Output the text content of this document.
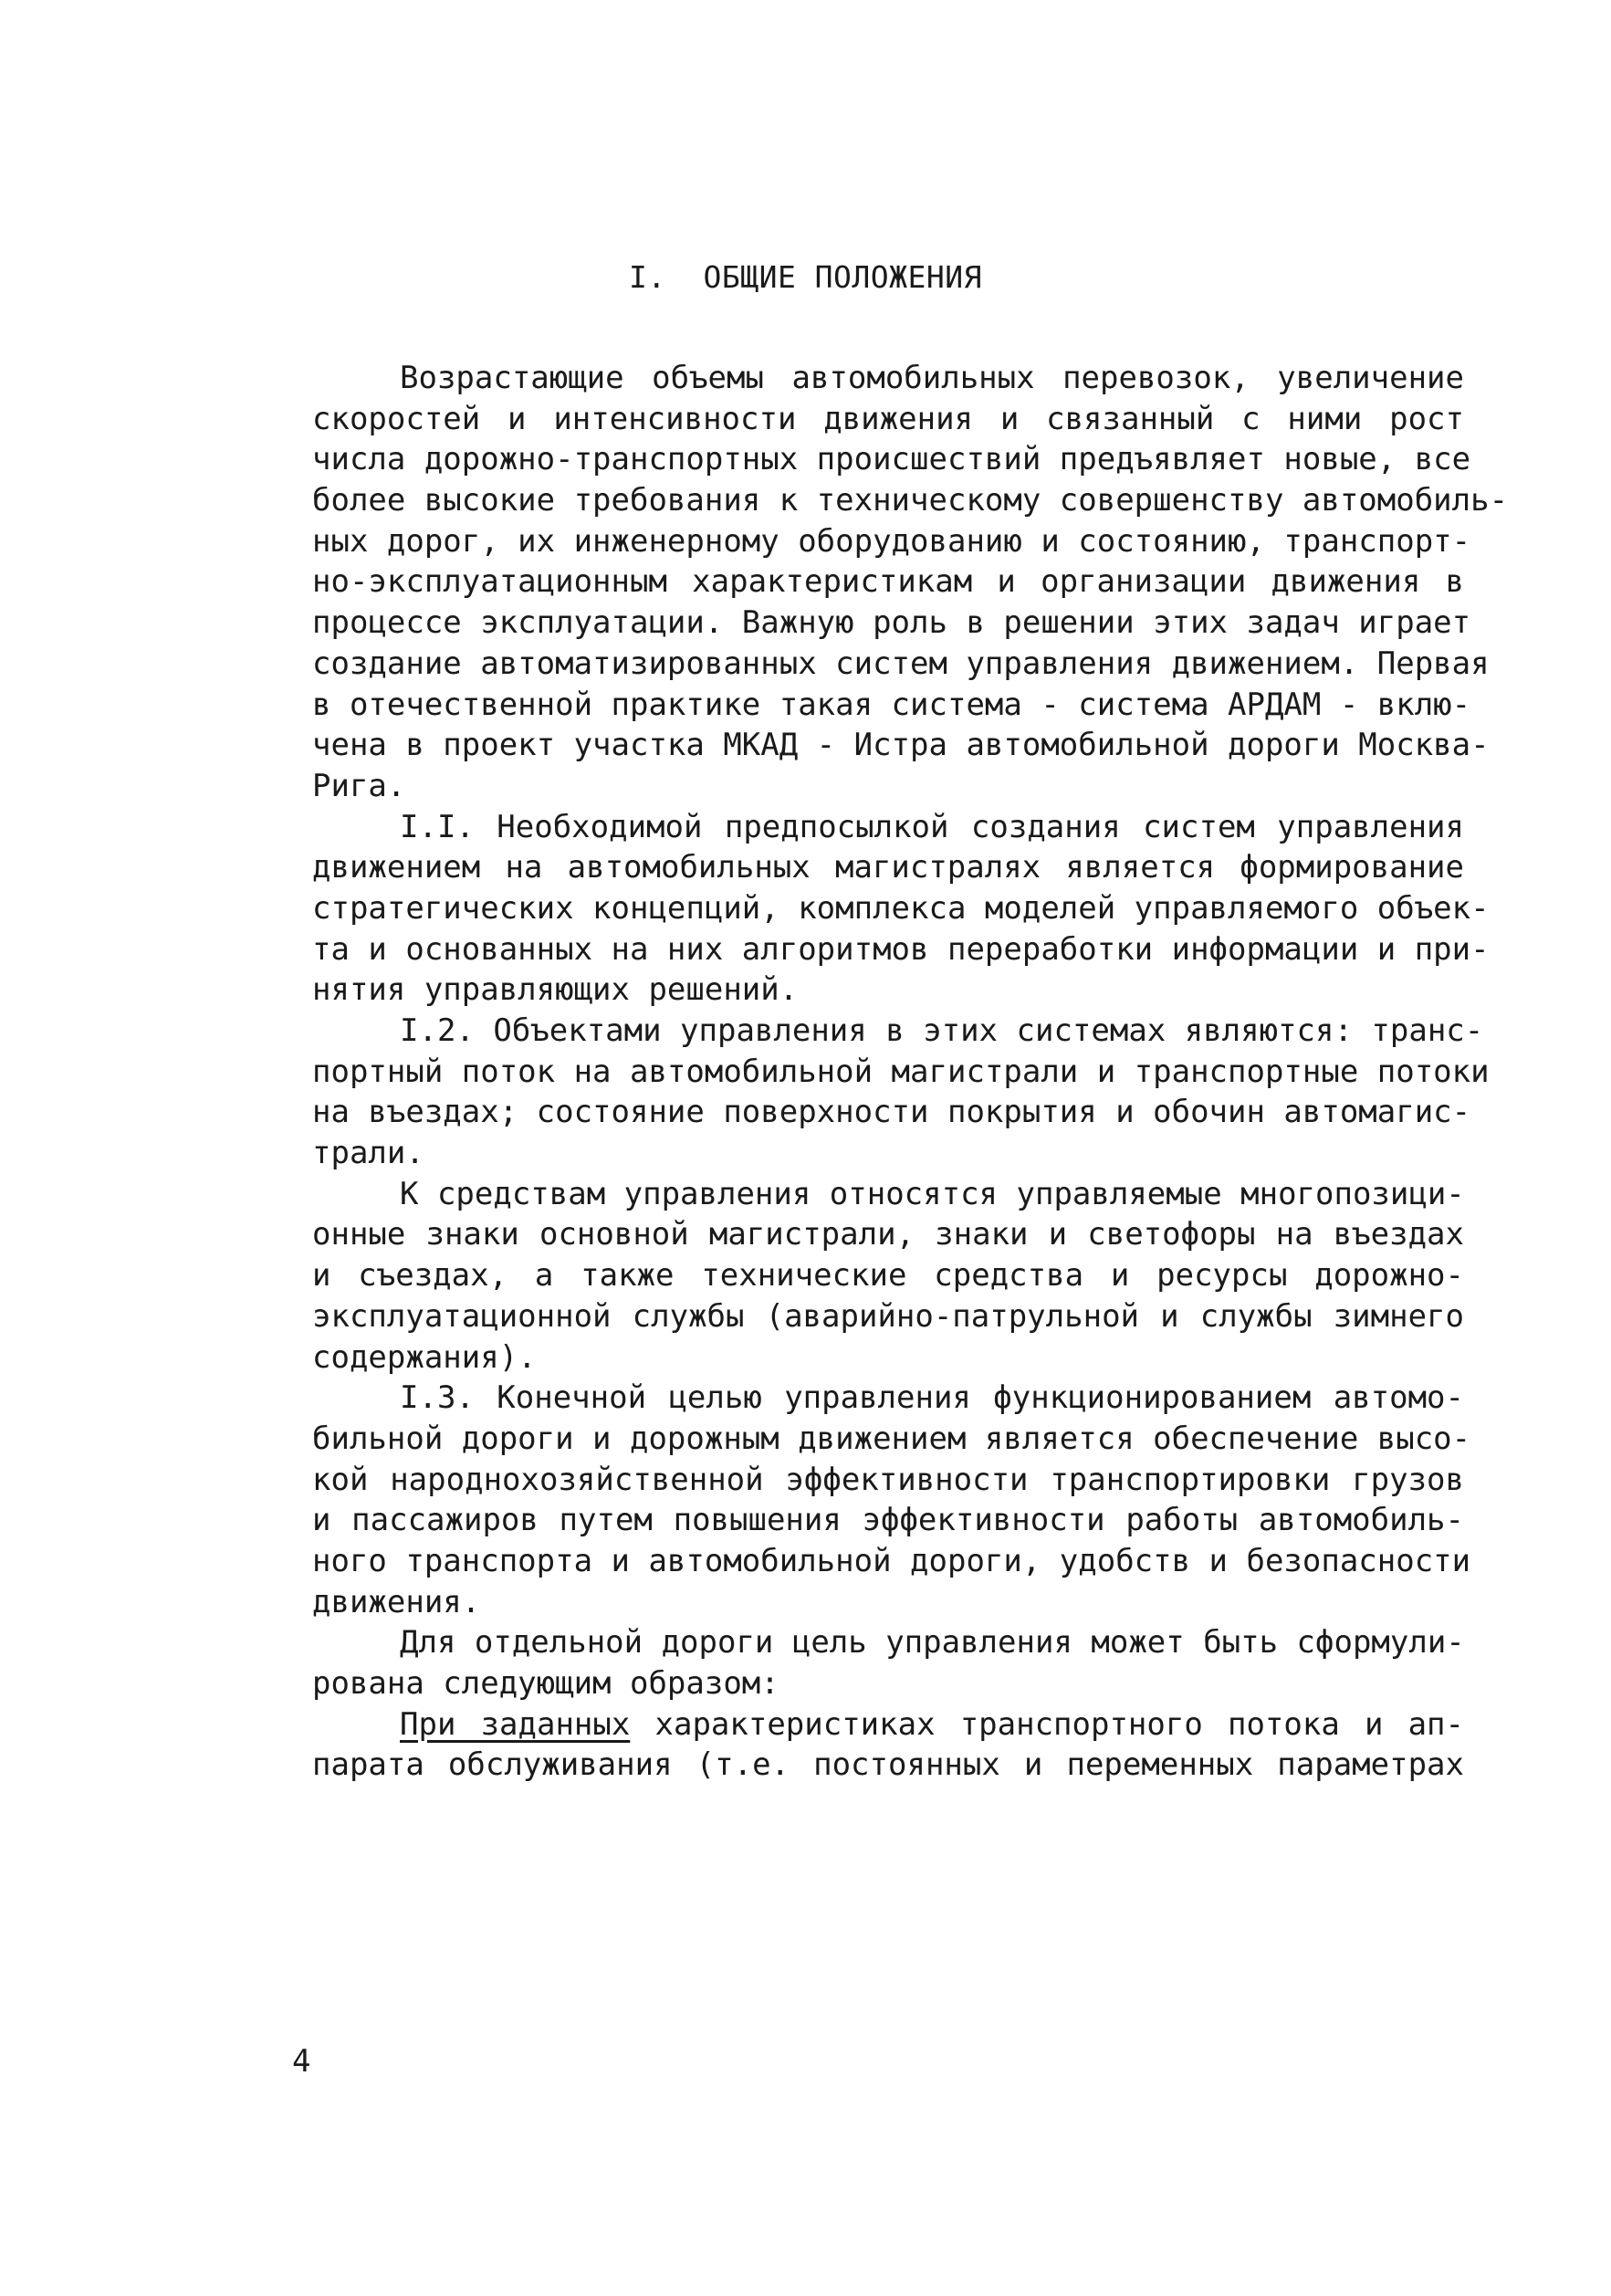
I.  ОБЩИЕ ПОЛОЖЕНИЯ
Возрастающие объемы автомобильных перевозок, увеличение
скоростей и интенсивности движения и связанный с ними рост
числа дорожно-транспортных происшествий предъявляет новые, все
более высокие требования к техническому совершенству автомобиль-
ных дорог, их инженерному оборудованию и состоянию, транспорт-
но-эксплуатационным характеристикам и организации движения в
процессе эксплуатации. Важную роль в решении этих задач играет
создание автоматизированных систем управления движением. Первая
в отечественной практике такая система - система АРДАМ - вклю-
чена в проект участка МКАД - Истра автомобильной дороги Москва-
Рига.
I.I. Необходимой предпосылкой создания систем управления
движением на автомобильных магистралях является формирование
стратегических концепций, комплекса моделей управляемого объек-
та и основанных на них алгоритмов переработки информации и при-
нятия управляющих решений.
I.2. Объектами управления в этих системах являются: транс-
портный поток на автомобильной магистрали и транспортные потоки
на въездах; состояние поверхности покрытия и обочин автомагис-
трали.
К средствам управления относятся управляемые многопозици-
онные знаки основной магистрали, знаки и светофоры на въездах
и съездах, а также технические средства и ресурсы дорожно-
эксплуатационной службы (аварийно-патрульной и службы зимнего
содержания).
I.3. Конечной целью управления функционированием автомо-
бильной дороги и дорожным движением является обеспечение высо-
кой народнохозяйственной эффективности транспортировки грузов
и пассажиров путем повышения эффективности работы автомобиль-
ного транспорта и автомобильной дороги, удобств и безопасности
движения.
Для отдельной дороги цель управления может быть сформули-
рована следующим образом:
При заданных характеристиках транспортного потока и ап-
парата обслуживания (т.е. постоянных и переменных параметрах
4
